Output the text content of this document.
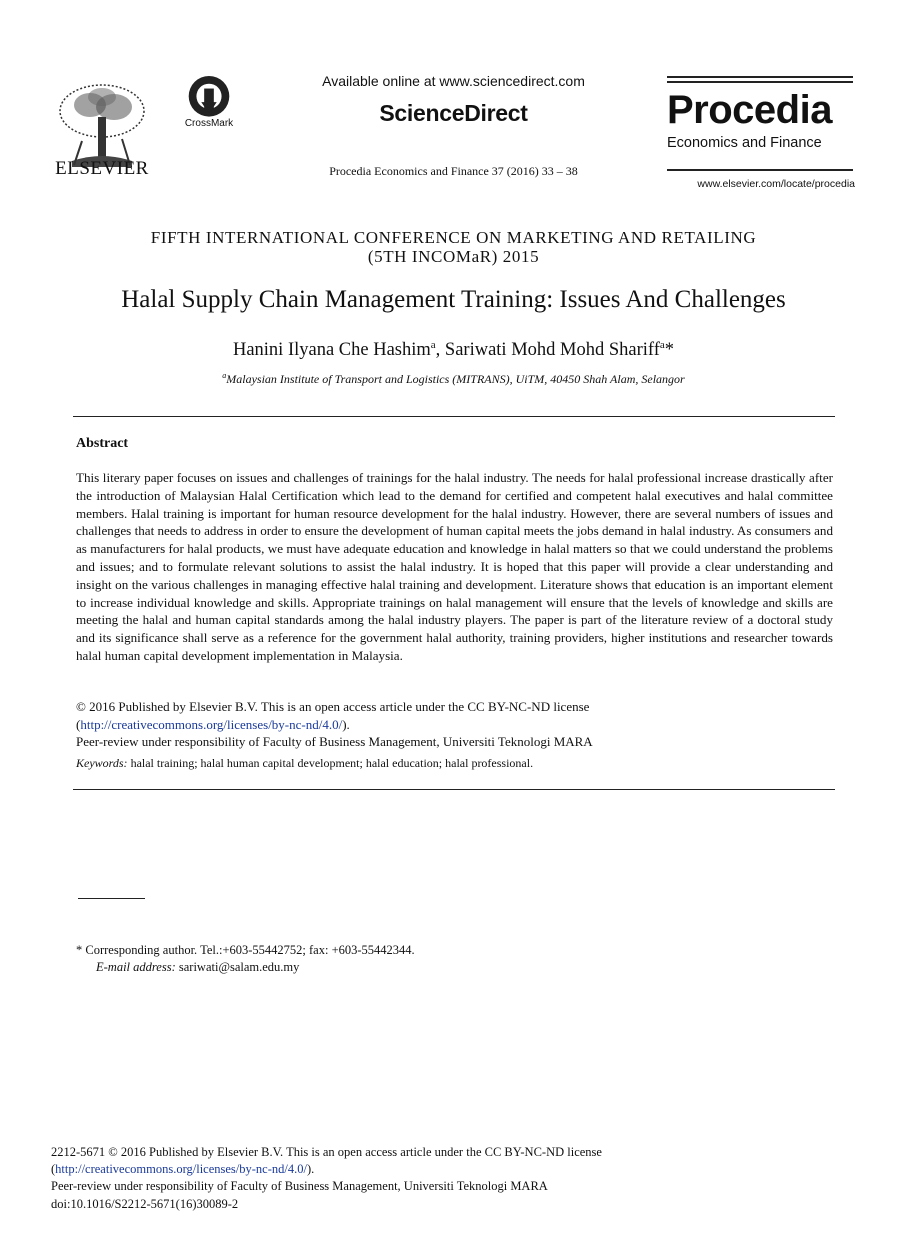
ELSEVIER
CrossMark
Available online at www.sciencedirect.com
ScienceDirect
Procedia Economics and Finance 37 (2016) 33 – 38
Procedia
Economics and Finance
www.elsevier.com/locate/procedia
FIFTH INTERNATIONAL CONFERENCE ON MARKETING AND RETAILING
(5TH INCOMaR) 2015
Halal Supply Chain Management Training: Issues And Challenges
Hanini Ilyana Che Hashim$^a$, Sariwati Mohd Mohd Shariff$^a$*
$^a$Malaysian Institute of Transport and Logistics (MITRANS), UiTM, 40450 Shah Alam, Selangor
Abstract
This literary paper focuses on issues and challenges of trainings for the halal industry. The needs for halal professional increase drastically after the introduction of Malaysian Halal Certification which lead to the demand for certified and competent halal executives and halal committee members. Halal training is important for human resource development for the halal industry. However, there are several numbers of issues and challenges that needs to address in order to ensure the development of human capital meets the jobs demand in halal industry. As consumers and as manufacturers for halal products, we must have adequate education and knowledge in halal matters so that we could understand the problems and issues; and to formulate relevant solutions to assist the halal industry. It is hoped that this paper will provide a clear understanding and insight on the various challenges in managing effective halal training and development. Literature shows that education is an important element to increase individual knowledge and skills. Appropriate trainings on halal management will ensure that the levels of knowledge and skills are meeting the halal and human capital standards among the halal industry players. The paper is part of the literature review of a doctoral study and its significance shall serve as a reference for the government halal authority, training providers, higher institutions and researcher towards halal human capital development implementation in Malaysia.
© 2016 Published by Elsevier B.V. This is an open access article under the CC BY-NC-ND license
(http://creativecommons.org/licenses/by-nc-nd/4.0/).
Peer-review under responsibility of Faculty of Business Management, Universiti Teknologi MARA
Keywords: halal training; halal human capital development; halal education; halal professional.
* Corresponding author. Tel.:+603-55442752; fax: +603-55442344.
E-mail address: sariwati@salam.edu.my
2212-5671 © 2016 Published by Elsevier B.V. This is an open access article under the CC BY-NC-ND license
(http://creativecommons.org/licenses/by-nc-nd/4.0/).
Peer-review under responsibility of Faculty of Business Management, Universiti Teknologi MARA
doi:10.1016/S2212-5671(16)30089-2
